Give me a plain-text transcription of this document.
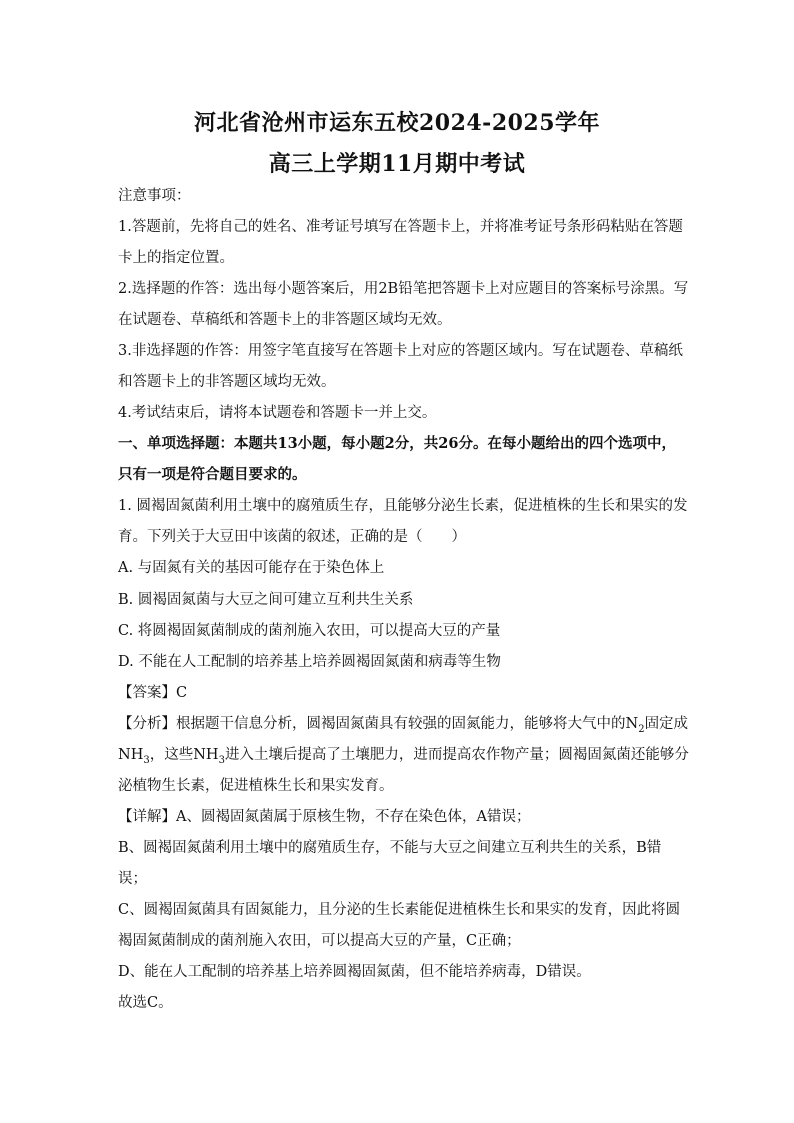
河北省沧州市运东五校2024-2025学年
高三上学期11月期中考试
注意事项：
1.答题前，先将自己的姓名、准考证号填写在答题卡上，并将准考证号条形码粘贴在答题
卡上的指定位置。
2.选择题的作答：选出每小题答案后，用2B铅笔把答题卡上对应题目的答案标号涂黑。写
在试题卷、草稿纸和答题卡上的非答题区域均无效。
3.非选择题的作答：用签字笔直接写在答题卡上对应的答题区域内。写在试题卷、草稿纸
和答题卡上的非答题区域均无效。
4.考试结束后，请将本试题卷和答题卡一并上交。
一、单项选择题：本题共13小题，每小题2分，共26分。在每小题给出的四个选项中，
只有一项是符合题目要求的。
1. 圆褐固氮菌利用土壤中的腐殖质生存，且能够分泌生长素，促进植株的生长和果实的发
育。下列关于大豆田中该菌的叙述，正确的是（　　）
A. 与固氮有关的基因可能存在于染色体上
B. 圆褐固氮菌与大豆之间可建立互利共生关系
C. 将圆褐固氮菌制成的菌剂施入农田，可以提高大豆的产量
D. 不能在人工配制的培养基上培养圆褐固氮菌和病毒等生物
【答案】C
【分析】根据题干信息分析，圆褐固氮菌具有较强的固氮能力，能够将大气中的$N_2$固定成
$NH_3$，这些$NH_3$进入土壤后提高了土壤肥力，进而提高农作物产量；圆褐固氮菌还能够分
泌植物生长素，促进植株生长和果实发育。
【详解】A、圆褐固氮菌属于原核生物，不存在染色体，A错误；
B、圆褐固氮菌利用土壤中的腐殖质生存，不能与大豆之间建立互利共生的关系，B错
误；
C、圆褐固氮菌具有固氮能力，且分泌的生长素能促进植株生长和果实的发育，因此将圆
褐固氮菌制成的菌剂施入农田，可以提高大豆的产量，C正确；
D、能在人工配制的培养基上培养圆褐固氮菌，但不能培养病毒，D错误。
故选C。
